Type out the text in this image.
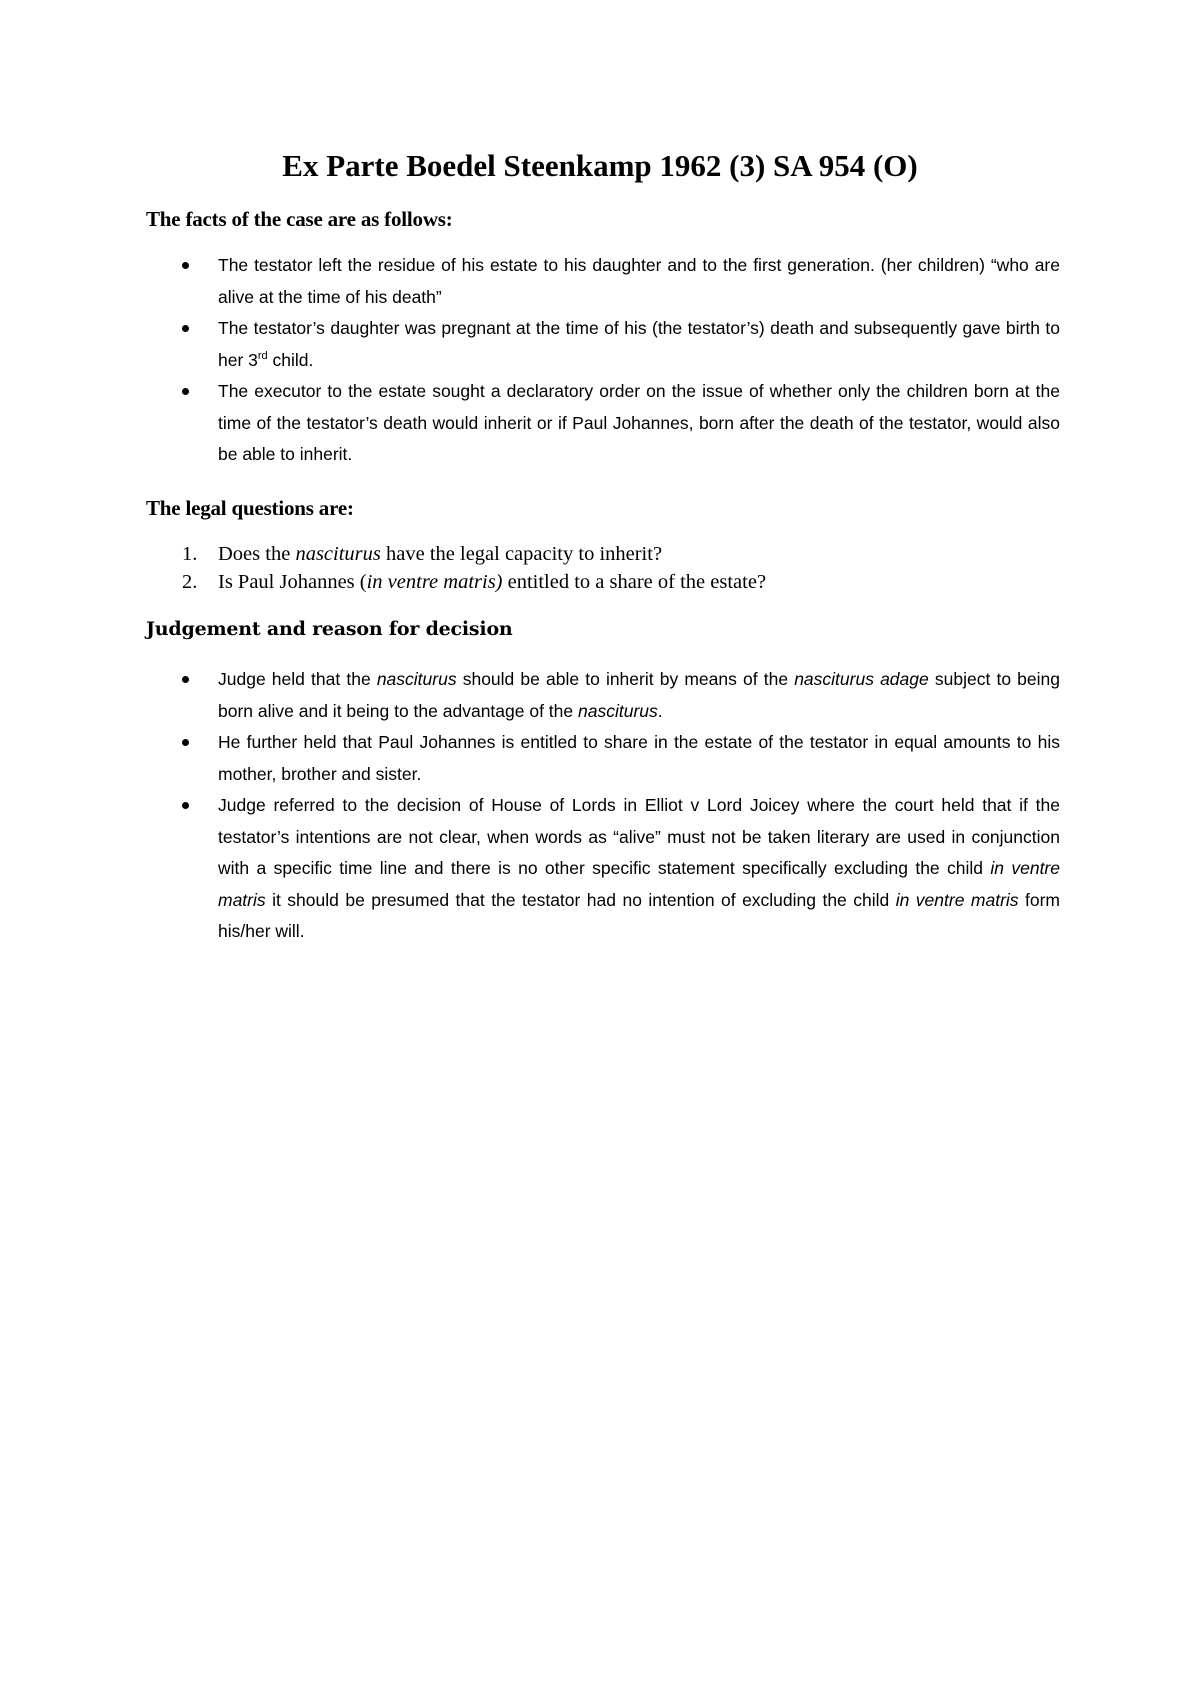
Ex Parte Boedel Steenkamp 1962 (3) SA 954 (O)
The facts of the case are as follows:
The testator left the residue of his estate to his daughter and to the first generation. (her children) “who are alive at the time of his death”
The testator’s daughter was pregnant at the time of his (the testator’s) death and subsequently gave birth to her 3rd child.
The executor to the estate sought a declaratory order on the issue of whether only the children born at the time of the testator’s death would inherit or if Paul Johannes, born after the death of the testator, would also be able to inherit.
The legal questions are:
1. Does the nasciturus have the legal capacity to inherit?
2. Is Paul Johannes (in ventre matris) entitled to a share of the estate?
Judgement and reason for decision
Judge held that the nasciturus should be able to inherit by means of the nasciturus adage subject to being born alive and it being to the advantage of the nasciturus.
He further held that Paul Johannes is entitled to share in the estate of the testator in equal amounts to his mother, brother and sister.
Judge referred to the decision of House of Lords in Elliot v Lord Joicey where the court held that if the testator’s intentions are not clear, when words as “alive” must not be taken literary are used in conjunction with a specific time line and there is no other specific statement specifically excluding the child in ventre matris it should be presumed that the testator had no intention of excluding the child in ventre matris form his/her will.
